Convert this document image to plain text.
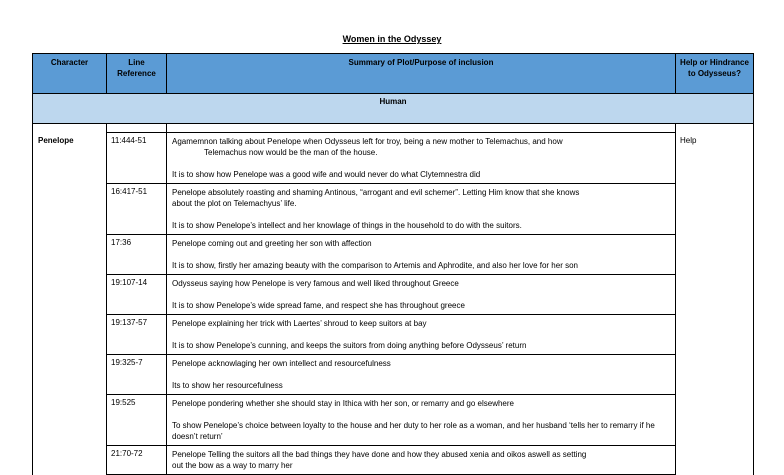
Women in the Odyssey
Character	Line Reference	Summary of Plot/Purpose of inclusion	Help or Hindrance to Odysseus?
Human			

Penelope	11:444-51	Agamemnon talking about Penelope when Odysseus left for troy, being a new mother to Telemachus, and how
Telemachus now would be the man of the house.
It is to show how Penelope was a good wife and would never do what Clytemnestra did	Help
	16:417-51	Penelope absolutely roasting and shaming Antinous, “arrogant and evil schemer”. Letting Him know that she knows
about the plot on Telemachyus’ life.
It is to show Penelope’s intellect and her knowlage of things in the household to do with the suitors.	

	17:36	Penelope coming out and greeting her son with affection
It is to show, firstly her amazing beauty with the comparison to Artemis and Aphrodite, and also her love for her son	

	19:107-14	Odysseus saying how Penelope is very famous and well liked throughout Greece
It is to show Penelope’s wide spread fame, and respect she has throughout greece	

	19:137-57	Penelope explaining her trick with Laertes’ shroud to keep suitors at bay
It is to show Penelope’s cunning, and keeps the suitors from doing anything before Odysseus’ return	

	19:325-7	Penelope acknowlaging her own intellect and resourcefulness
Its to show her resourcefulness	

	19:525	Penelope pondering whether she should stay in Ithica with her son, or remarry and go elsewhere
To show Penelope’s choice between loyalty to the house and her duty to her role as a woman, and her husband ‘tells her to remarry if he doesn’t return’	

	21:70-72	Penelope Telling the suitors all the bad things they have done and how they abused xenia and oikos aswell as setting
out the bow as a way to marry her	
